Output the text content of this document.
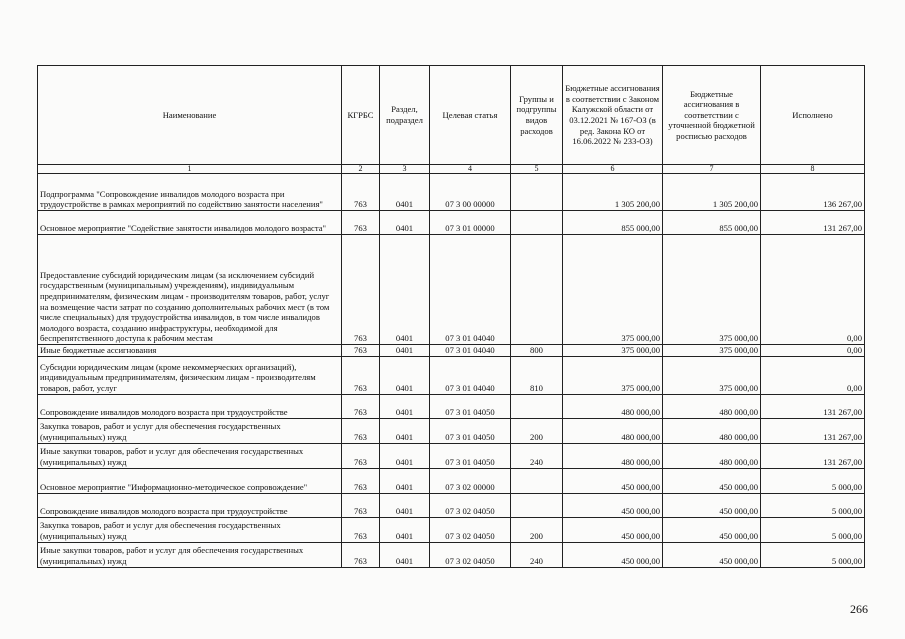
Наименование	КГРБС	Раздел, подраздел	Целевая статья	Группы и подгруппы видов расходов	Бюджетные ассигнования в соответствии с Законом Калужской области от 03.12.2021 № 167-ОЗ (в ред. Закона КО от 16.06.2022 № 233-ОЗ)	Бюджетные ассигнования в соответствии с уточненной бюджетной росписью расходов	Исполнено
1	2	3	4	5	6	7	8
Подпрограмма "Сопровождение инвалидов молодого возраста при трудоустройстве в рамках мероприятий по содействию занятости населения"	763	0401	07 3 00 00000		1 305 200,00	1 305 200,00	136 267,00
Основное мероприятие "Содействие занятости инвалидов молодого возраста"	763	0401	07 3 01 00000		855 000,00	855 000,00	131 267,00
Предоставление субсидий юридическим лицам (за исключением субсидий государственным (муниципальным) учреждениям), индивидуальным предпринимателям, физическим лицам - производителям товаров, работ, услуг на возмещение части затрат по созданию дополнительных рабочих мест (в том числе специальных) для трудоустройства инвалидов, в том числе инвалидов молодого возраста, созданию инфраструктуры, необходимой для беспрепятственного доступа к рабочим местам	763	0401	07 3 01 04040		375 000,00	375 000,00	0,00
Иные бюджетные ассигнования	763	0401	07 3 01 04040	800	375 000,00	375 000,00	0,00
Субсидии юридическим лицам (кроме некоммерческих организаций), индивидуальным предпринимателям, физическим лицам - производителям товаров, работ, услуг	763	0401	07 3 01 04040	810	375 000,00	375 000,00	0,00
Сопровождение инвалидов молодого возраста при трудоустройстве	763	0401	07 3 01 04050		480 000,00	480 000,00	131 267,00
Закупка товаров, работ и услуг для обеспечения государственных (муниципальных) нужд	763	0401	07 3 01 04050	200	480 000,00	480 000,00	131 267,00
Иные закупки товаров, работ и услуг для обеспечения государственных (муниципальных) нужд	763	0401	07 3 01 04050	240	480 000,00	480 000,00	131 267,00
Основное мероприятие "Информационно-методическое сопровождение"	763	0401	07 3 02 00000		450 000,00	450 000,00	5 000,00
Сопровождение инвалидов молодого возраста при трудоустройстве	763	0401	07 3 02 04050		450 000,00	450 000,00	5 000,00
Закупка товаров, работ и услуг для обеспечения государственных (муниципальных) нужд	763	0401	07 3 02 04050	200	450 000,00	450 000,00	5 000,00
Иные закупки товаров, работ и услуг для обеспечения государственных (муниципальных) нужд	763	0401	07 3 02 04050	240	450 000,00	450 000,00	5 000,00
266
